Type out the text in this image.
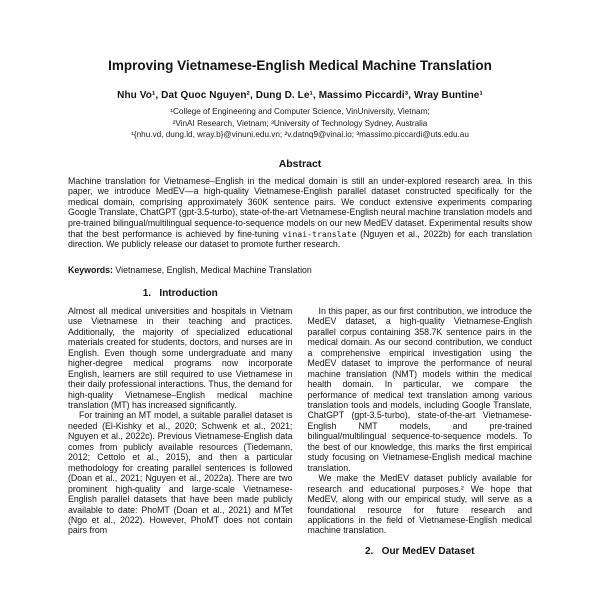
Improving Vietnamese-English Medical Machine Translation
Nhu Vo¹, Dat Quoc Nguyen², Dung D. Le¹, Massimo Piccardi³, Wray Buntine¹
¹College of Engineering and Computer Science, VinUniversity, Vietnam;
²VinAI Research, Vietnam; ³University of Technology Sydney, Australia
¹{nhu.vd, dung.ld, wray.b}@vinuni.edu.vn; ²v.datnq9@vinai.io; ³massimo.piccardi@uts.edu.au
Abstract

Machine translation for Vietnamese–English in the medical domain is still an under-explored research area. In this paper, we introduce MedEV—a high-quality Vietnamese-English parallel dataset constructed specifically for the medical domain, comprising approximately 360K sentence pairs. We conduct extensive experiments comparing Google Translate, ChatGPT (gpt-3.5-turbo), state-of-the-art Vietnamese-English neural machine translation models and pre-trained bilingual/multilingual sequence-to-sequence models on our new MedEV dataset. Experimental results show that the best performance is achieved by fine-tuning vinai-translate (Nguyen et al., 2022b) for each translation direction. We publicly release our dataset to promote further research.

Keywords: Vietnamese, English, Medical Machine Translation

1.   Introduction

Almost all medical universities and hospitals in Vietnam use Vietnamese in their teaching and practices. Additionally, the majority of specialized educational materials created for students, doctors, and nurses are in English. Even though some undergraduate and many higher-degree medical programs now incorporate English, learners are still required to use Vietnamese in their daily professional interactions. Thus, the demand for high-quality Vietnamese–English medical machine translation (MT) has increased significantly.

For training an MT model, a suitable parallel dataset is needed (El-Kishky et al., 2020; Schwenk et al., 2021; Nguyen et al., 2022c). Previous Vietnamese-English data comes from publicly available resources (Tiedemann, 2012; Cettolo et al., 2015), and then a particular methodology for creating parallel sentences is followed (Doan et al., 2021; Nguyen et al., 2022a). There are two prominent high-quality and large-scale Vietnamese-English parallel datasets that have been made publicly available to date: PhoMT (Doan et al., 2021) and MTet (Ngo et al., 2022). However, PhoMT does not contain pairs from

In this paper, as our first contribution, we introduce the MedEV dataset, a high-quality Vietnamese-English parallel corpus containing 358.7K sentence pairs in the medical domain. As our second contribution, we conduct a comprehensive empirical investigation using the MedEV dataset to improve the performance of neural machine translation (NMT) models within the medical health domain. In particular, we compare the performance of medical text translation among various translation tools and models, including Google Translate, ChatGPT (gpt-3.5-turbo), state-of-the-art Vietnamese-English NMT models, and pre-trained bilingual/multilingual sequence-to-sequence models. To the best of our knowledge, this marks the first empirical study focusing on Vietnamese-English medical machine translation.

We make the MedEV dataset publicly available for research and educational purposes.² We hope that MedEV, along with our empirical study, will serve as a foundational resource for future research and applications in the field of Vietnamese-English medical machine translation.

2.   Our MedEV Dataset
